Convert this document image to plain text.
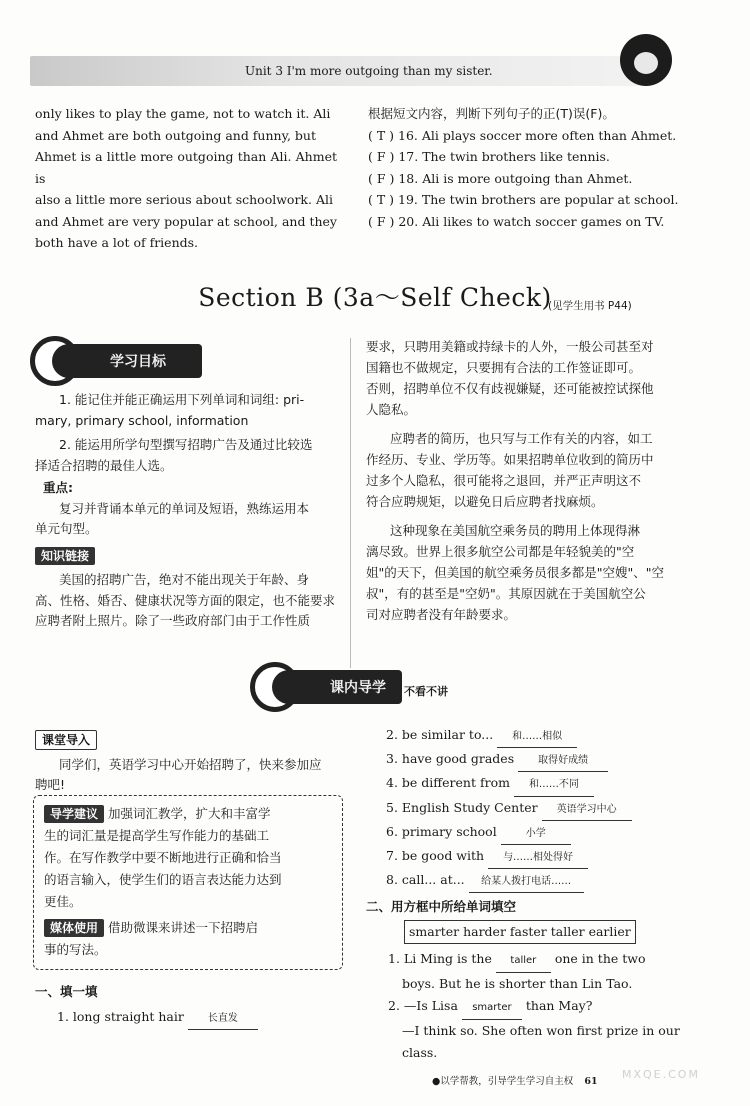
Unit 3 I'm more outgoing than my sister.
only likes to play the game, not to watch it. Ali
and Ahmet are both outgoing and funny, but
Ahmet is a little more outgoing than Ali. Ahmet is
also a little more serious about schoolwork. Ali
and Ahmet are very popular at school, and they
both have a lot of friends.
根据短文内容，判断下列句子的正(T)误(F)。
( T ) 16. Ali plays soccer more often than Ahmet.
( F ) 17. The twin brothers like tennis.
( F ) 18. Ali is more outgoing than Ahmet.
( T ) 19. The twin brothers are popular at school.
( F ) 20. Ali likes to watch soccer games on TV.
Section B (3a～Self Check)
(见学生用书 P44)
学习目标
1. 能记住并能正确运用下列单词和词组: pri-
mary, primary school, information
2. 能运用所学句型撰写招聘广告及通过比较选
择适合招聘的最佳人选。
重点:
复习并背诵本单元的单词及短语，熟练运用本
单元句型。
知识链接
美国的招聘广告，绝对不能出现关于年龄、身
高、性格、婚否、健康状况等方面的限定，也不能要求
应聘者附上照片。除了一些政府部门由于工作性质
要求，只聘用美籍或持绿卡的人外，一般公司甚至对
国籍也不做规定，只要拥有合法的工作签证即可。
否则，招聘单位不仅有歧视嫌疑，还可能被控试探他
人隐私。
应聘者的简历，也只写与工作有关的内容，如工
作经历、专业、学历等。如果招聘单位收到的简历中
过多个人隐私，很可能将之退回，并严正声明这不
符合应聘规矩，以避免日后应聘者找麻烦。
这种现象在美国航空乘务员的聘用上体现得淋
漓尽致。世界上很多航空公司都是年轻貌美的"空
姐"的天下，但美国的航空乘务员很多都是"空嫂"、"空
叔"，有的甚至是"空奶"。其原因就在于美国航空公
司对应聘者没有年龄要求。
课内导学	不看不讲
课堂导入
同学们，英语学习中心开始招聘了，快来参加应
聘吧!
导学建议 加强词汇教学，扩大和丰富学
生的词汇量是提高学生写作能力的基础工
作。在写作教学中要不断地进行正确和恰当
的语言输入，使学生们的语言表达能力达到
更佳。
媒体使用 借助微课来讲述一下招聘启
事的写法。
一、填一填
1. long straight hair 长直发
2. be similar to... 和……相似
3. have good grades 取得好成绩
4. be different from 和……不同
5. English Study Center 英语学习中心
6. primary school	小学
7. be good with 与……相处得好
8. call... at... 给某人拨打电话……
二、用方框中所给单词填空
smarter harder faster taller earlier
1. Li Ming is the taller one in the two
boys. But he is shorter than Lin Tao.
2. —Is Lisa smarter than May?
—I think so. She often won first prize in our
class.
●以学帮教，引导学生学习自主权 61
MXQE.COM
